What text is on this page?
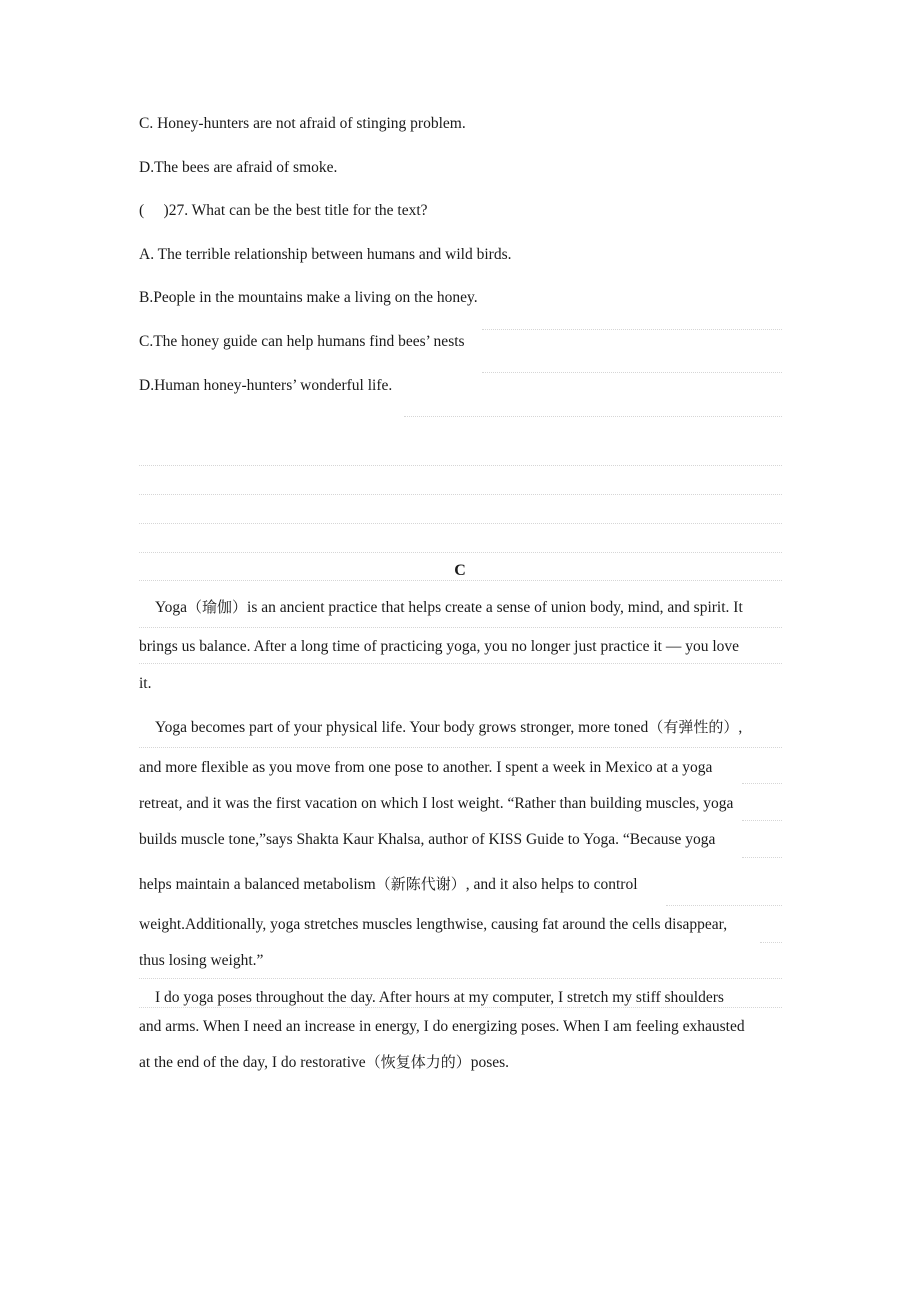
C. Honey-hunters are not afraid of stinging problem.
D.The bees are afraid of smoke.
(     )27. What can be the best title for the text?
A. The terrible relationship between humans and wild birds.
B.People in the mountains make a living on the honey.
C.The honey guide can help humans find bees’ nests
D.Human honey-hunters’ wonderful life.
C
Yoga（瑜伽）is an ancient practice that helps create a sense of union body, mind, and spirit. It
brings us balance. After a long time of practicing yoga, you no longer just practice it — you love
it.
Yoga becomes part of your physical life. Your body grows stronger, more toned（有弹性的）,
and more flexible as you move from one pose to another. I spent a week in Mexico at a yoga
retreat, and it was the first vacation on which I lost weight. “Rather than building muscles, yoga
builds muscle tone,”says Shakta Kaur Khalsa, author of KISS Guide to Yoga. “Because yoga
helps maintain a balanced metabolism（新陈代谢）, and it also helps to control
weight.Additionally, yoga stretches muscles lengthwise, causing fat around the cells disappear,
thus losing weight.”
I do yoga poses throughout the day. After hours at my computer, I stretch my stiff shoulders
and arms. When I need an increase in energy, I do energizing poses. When I am feeling exhausted
at the end of the day, I do restorative（恢复体力的）poses.
